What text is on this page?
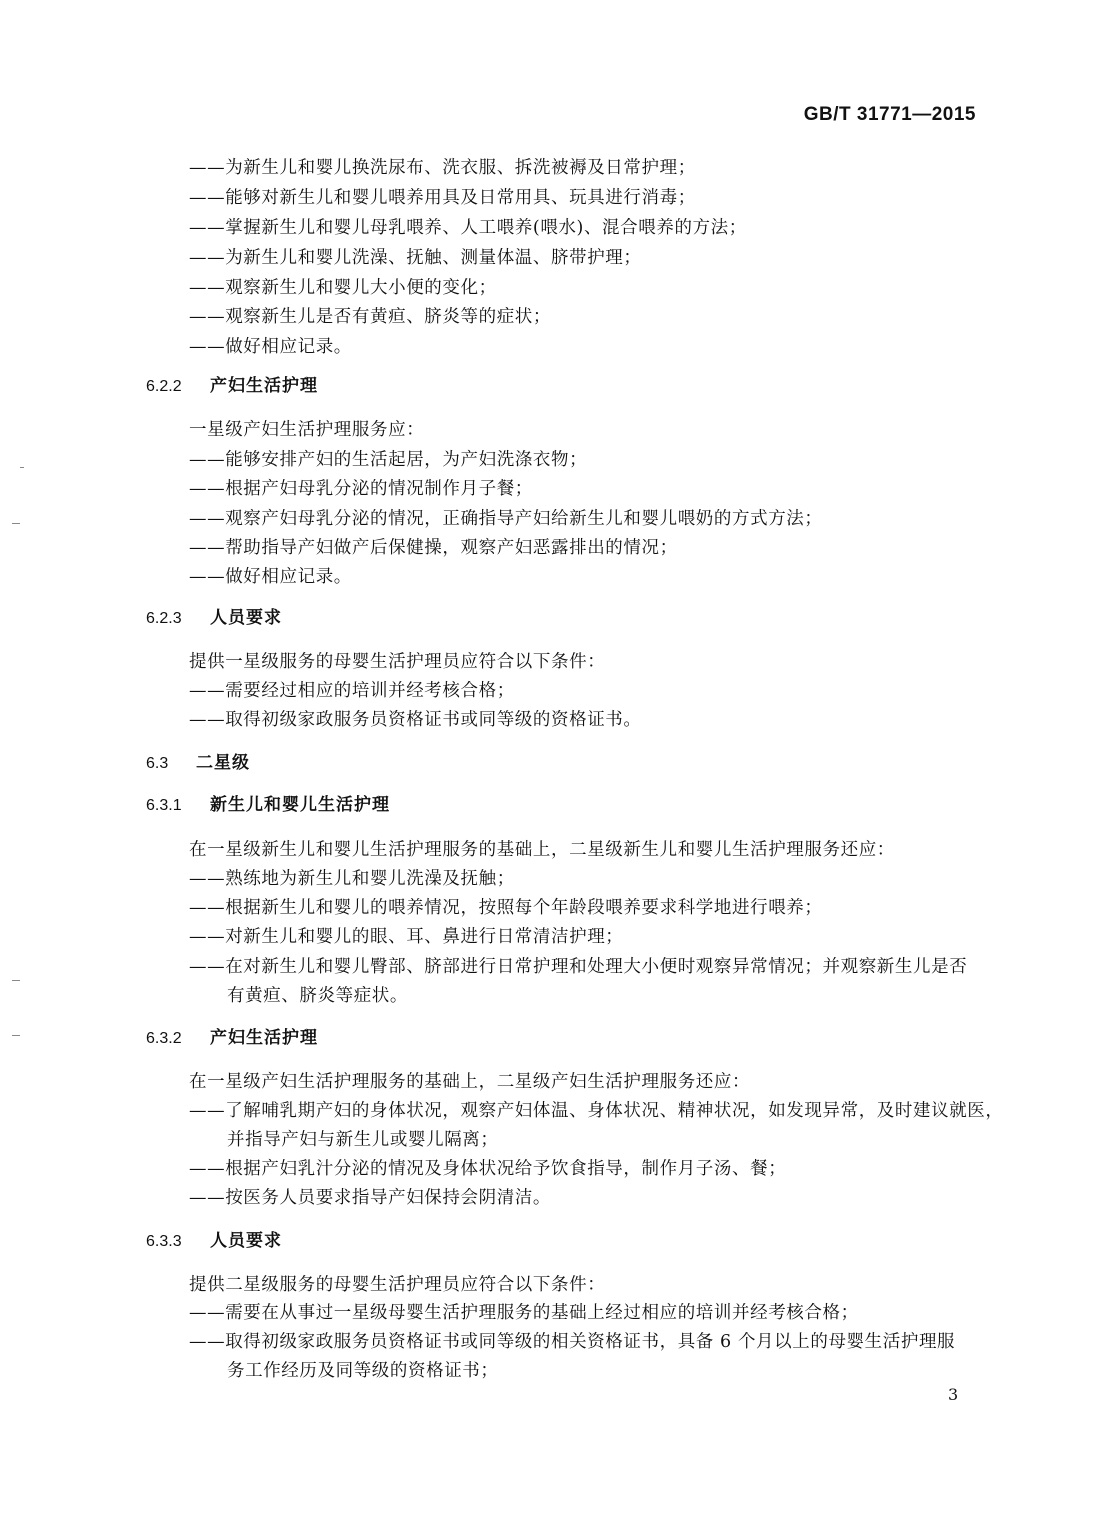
GB/T 31771—2015
——为新生儿和婴儿换洗尿布、洗衣服、拆洗被褥及日常护理；
——能够对新生儿和婴儿喂养用具及日常用具、玩具进行消毒；
——掌握新生儿和婴儿母乳喂养、人工喂养(喂水)、混合喂养的方法；
——为新生儿和婴儿洗澡、抚触、测量体温、脐带护理；
——观察新生儿和婴儿大小便的变化；
——观察新生儿是否有黄疸、脐炎等的症状；
——做好相应记录。
6.2.2 产妇生活护理
一星级产妇生活护理服务应：
——能够安排产妇的生活起居，为产妇洗涤衣物；
——根据产妇母乳分泌的情况制作月子餐；
——观察产妇母乳分泌的情况，正确指导产妇给新生儿和婴儿喂奶的方式方法；
——帮助指导产妇做产后保健操，观察产妇恶露排出的情况；
——做好相应记录。
6.2.3 人员要求
提供一星级服务的母婴生活护理员应符合以下条件：
——需要经过相应的培训并经考核合格；
——取得初级家政服务员资格证书或同等级的资格证书。
6.3 二星级
6.3.1 新生儿和婴儿生活护理
在一星级新生儿和婴儿生活护理服务的基础上，二星级新生儿和婴儿生活护理服务还应：
——熟练地为新生儿和婴儿洗澡及抚触；
——根据新生儿和婴儿的喂养情况，按照每个年龄段喂养要求科学地进行喂养；
——对新生儿和婴儿的眼、耳、鼻进行日常清洁护理；
——在对新生儿和婴儿臀部、脐部进行日常护理和处理大小便时观察异常情况；并观察新生儿是否
有黄疸、脐炎等症状。
6.3.2 产妇生活护理
在一星级产妇生活护理服务的基础上，二星级产妇生活护理服务还应：
——了解哺乳期产妇的身体状况，观察产妇体温、身体状况、精神状况，如发现异常，及时建议就医，
并指导产妇与新生儿或婴儿隔离；
——根据产妇乳汁分泌的情况及身体状况给予饮食指导，制作月子汤、餐；
——按医务人员要求指导产妇保持会阴清洁。
6.3.3 人员要求
提供二星级服务的母婴生活护理员应符合以下条件：
——需要在从事过一星级母婴生活护理服务的基础上经过相应的培训并经考核合格；
——取得初级家政服务员资格证书或同等级的相关资格证书，具备 6 个月以上的母婴生活护理服
务工作经历及同等级的资格证书；
3
